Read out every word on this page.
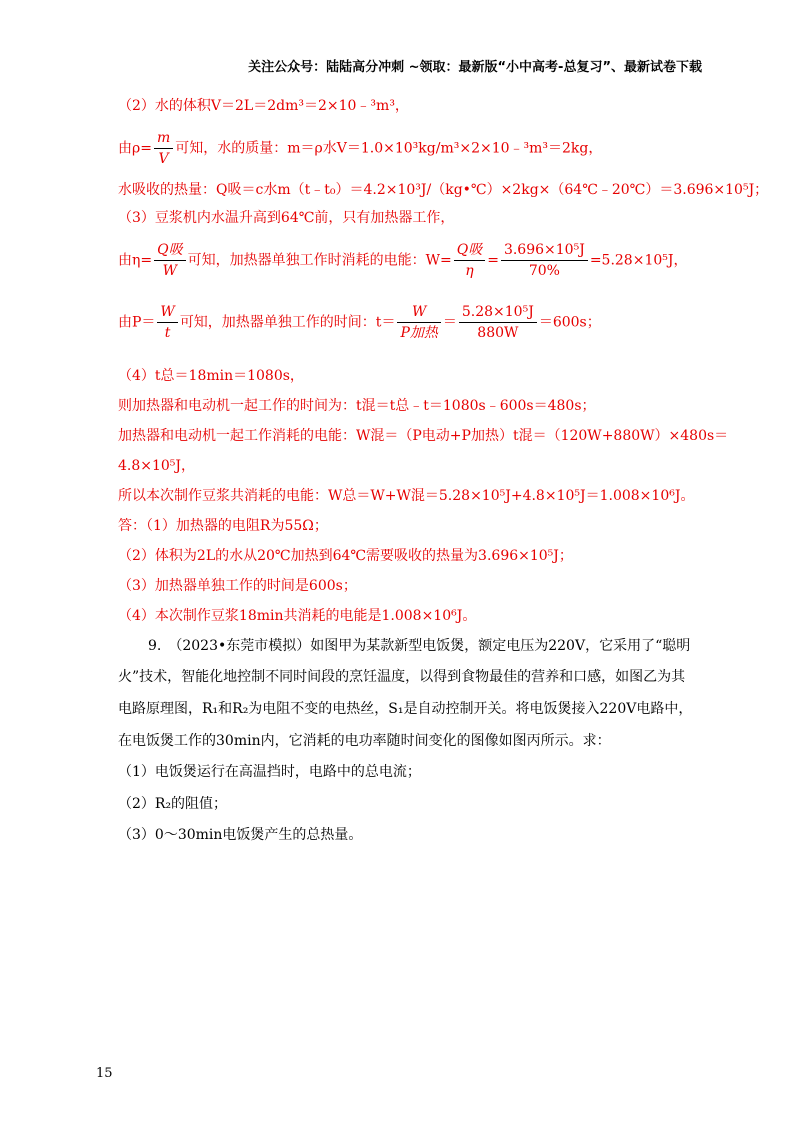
关注公众号：陆陆高分冲刺 ~领取：最新版“小中高考-总复习”、最新试卷下载
（2）水的体积V＝2L＝2dm³＝2×10﹣³m³，
由$\rho= \frac{m}{V}$ 可知，水的质量：m＝ρ水V＝1.0×10³kg/m³×2×10﹣³m³＝2kg，
水吸收的热量：Q吸＝c水m（t﹣t₀）＝4.2×10³J/（kg•℃）×2kg×（64℃﹣20℃）＝3.696×10⁵J；
（3）豆浆机内水温升高到64℃前，只有加热器工作，
由$\eta= \frac{\text{Q吸}}{W}$ 可知，加热器单独工作时消耗的电能：$W= \frac{\text{Q吸}}{\eta} = \frac{\text{3.696×10⁵J}}{70\%} =5.28\times 10^5J$，
由$P= \frac{W}{t}$ 可知，加热器单独工作的时间：$t= \frac{W}{\text{P加热}} = \frac{\text{5.28×10⁵J}}{880W} =600s$；
（4）t总＝18min＝1080s，
则加热器和电动机一起工作的时间为：t混＝t总﹣t＝1080s﹣600s＝480s；
加热器和电动机一起工作消耗的电能：W混＝（P电动+P加热）t混＝（120W+880W）×480s＝
4.8×10⁵J，
所以本次制作豆浆共消耗的电能：W总＝W+W混＝5.28×10⁵J+4.8×10⁵J＝1.008×10⁶J。
答：（1）加热器的电阻R为55Ω；
（2）体积为2L的水从20℃加热到64℃需要吸收的热量为3.696×10⁵J；
（3）加热器单独工作的时间是600s；
（4）本次制作豆浆18min共消耗的电能是1.008×10⁶J。
9.　（2023•东莞市模拟）如图甲为某款新型电饭煲，额定电压为220V，它采用了“聪明
火”技术，智能化地控制不同时间段的烹饪温度，以得到食物最佳的营养和口感，如图乙为其
电路原理图，R₁和R₂为电阻不变的电热丝，S₁是自动控制开关。将电饭煲接入220V电路中，
在电饭煲工作的30min内，它消耗的电功率随时间变化的图像如图丙所示。求：
（1）电饭煲运行在高温挡时，电路中的总电流；
（2）R₂的阻值；
（3）0～30min电饭煲产生的总热量。
15
